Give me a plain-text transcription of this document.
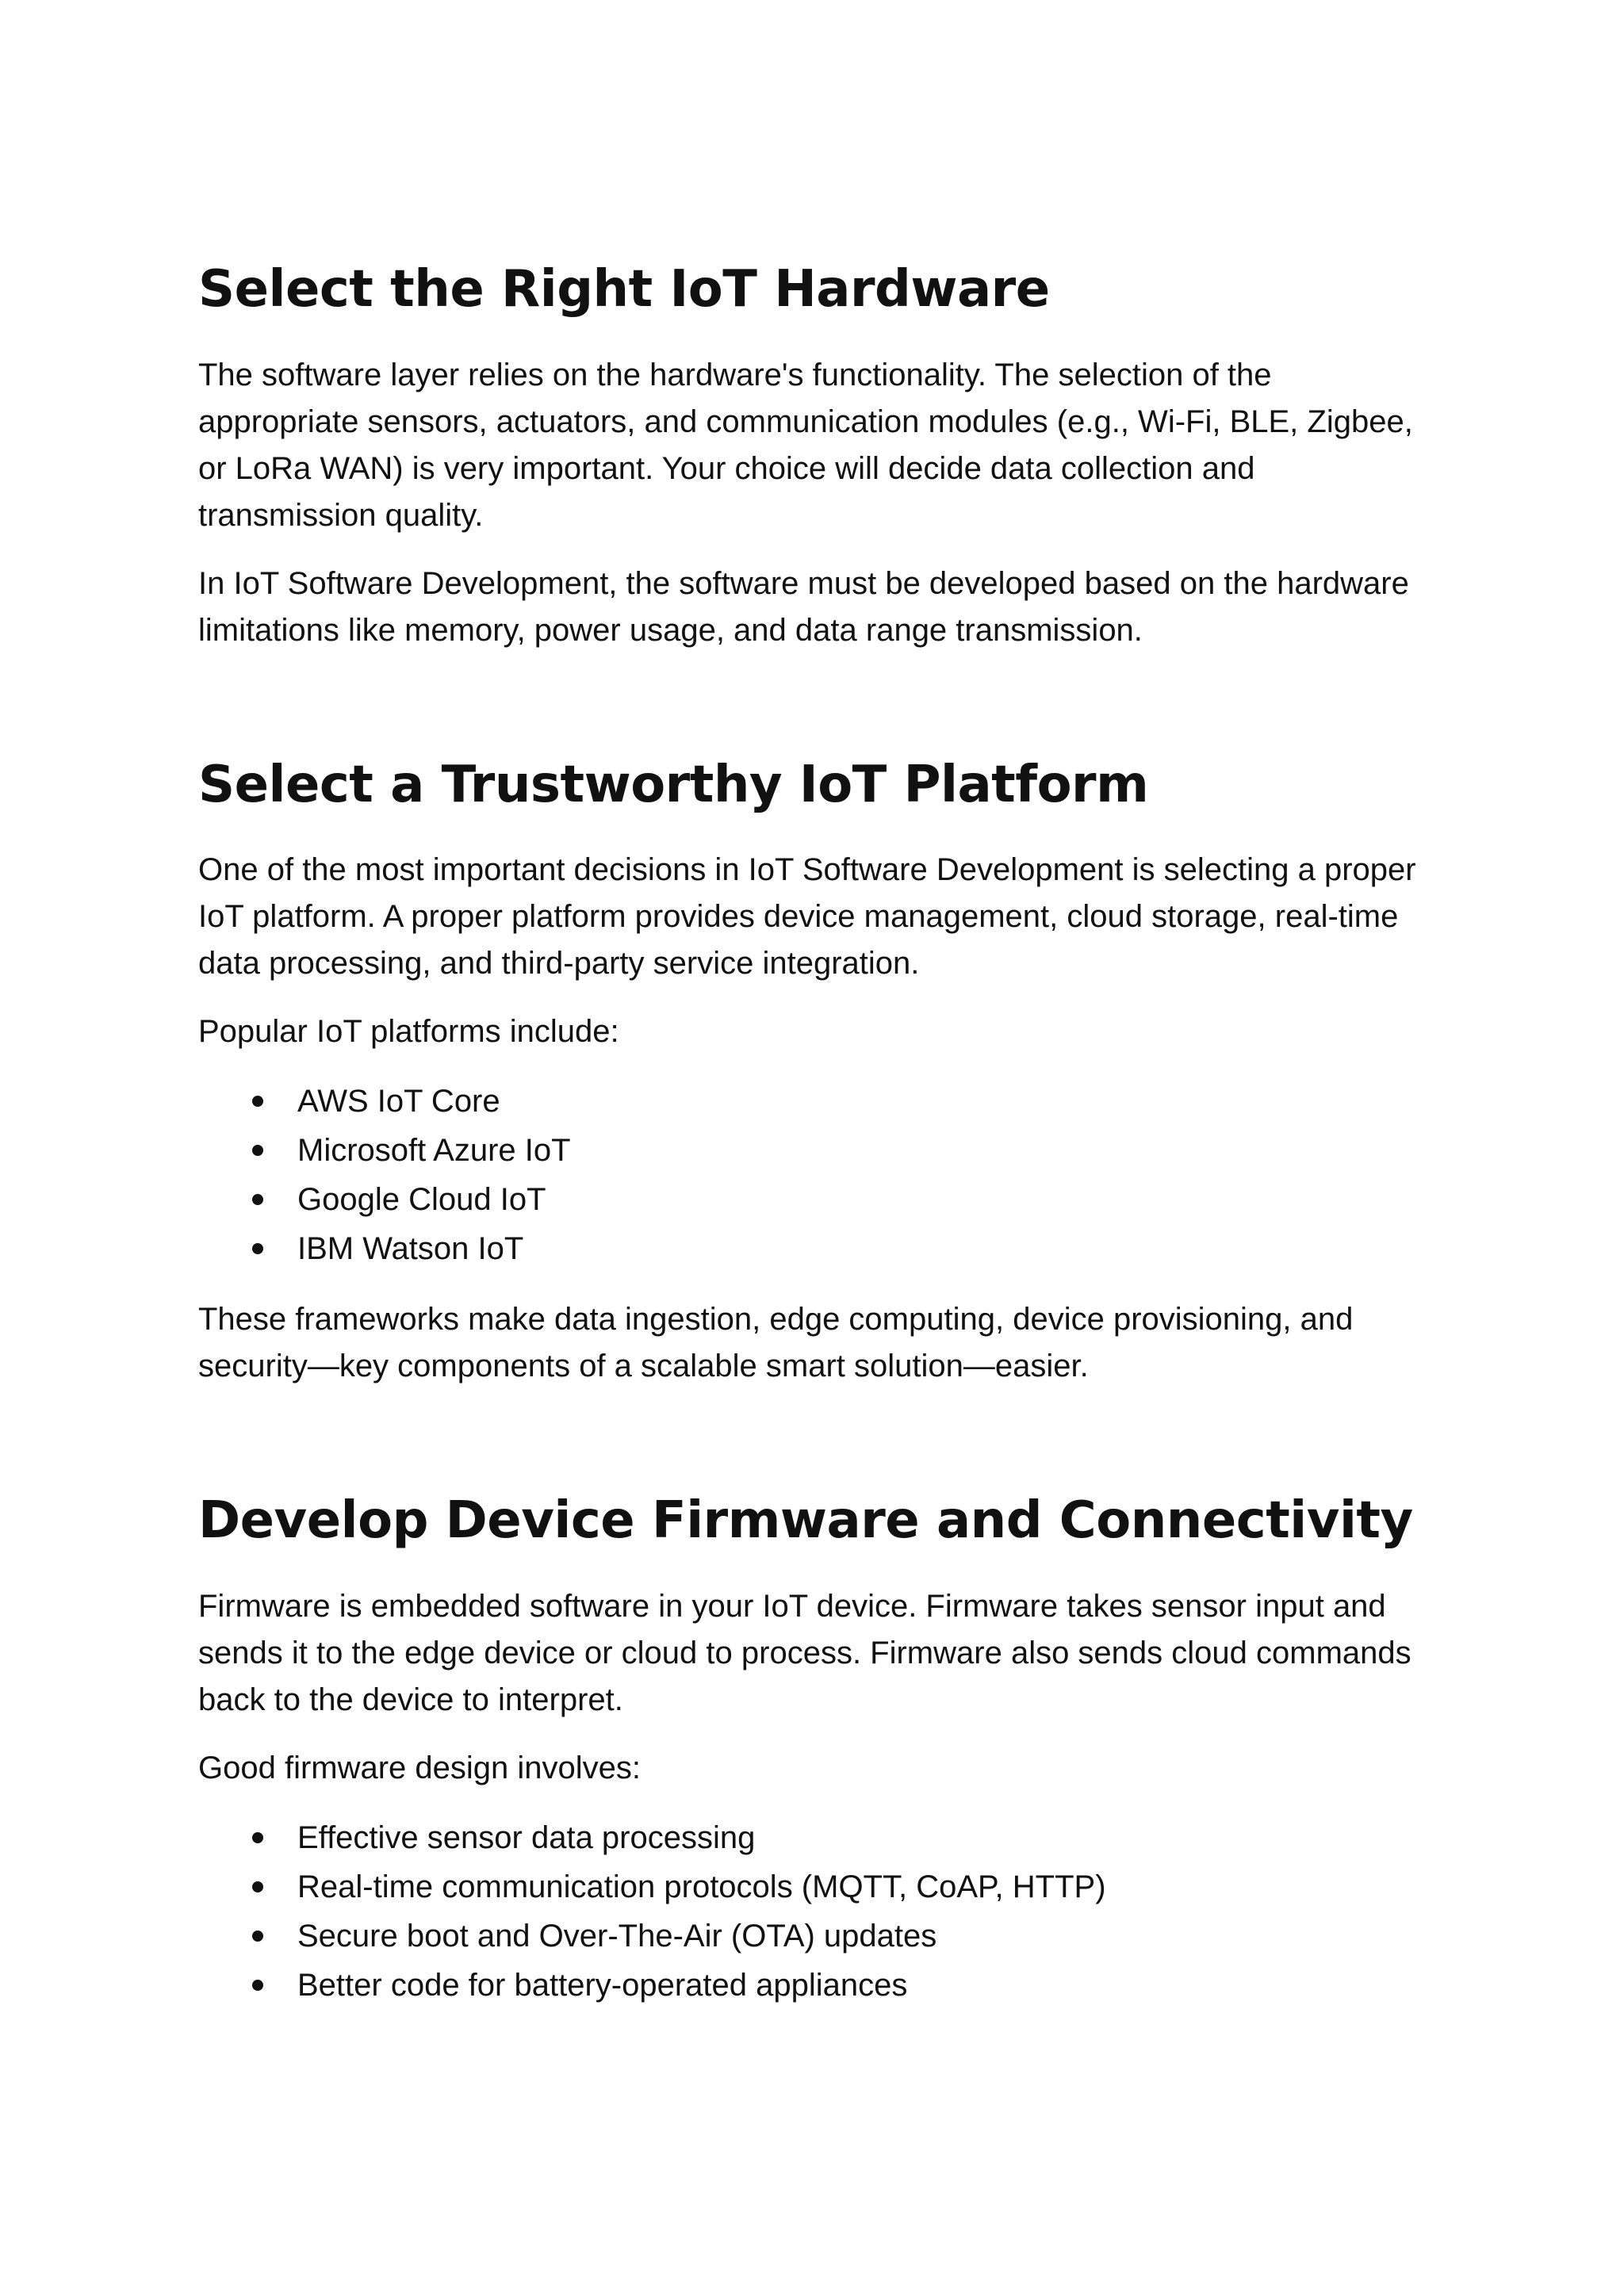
Select the Right IoT Hardware

The software layer relies on the hardware's functionality. The selection of the appropriate sensors, actuators, and communication modules (e.g., Wi-Fi, BLE, Zigbee, or LoRa WAN) is very important. Your choice will decide data collection and transmission quality.

In IoT Software Development, the software must be developed based on the hardware limitations like memory, power usage, and data range transmission.

Select a Trustworthy IoT Platform

One of the most important decisions in IoT Software Development is selecting a proper IoT platform. A proper platform provides device management, cloud storage, real-time data processing, and third-party service integration.

Popular IoT platforms include:

AWS IoT Core
Microsoft Azure IoT
Google Cloud IoT
IBM Watson IoT

These frameworks make data ingestion, edge computing, device provisioning, and security—key components of a scalable smart solution—easier.

Develop Device Firmware and Connectivity

Firmware is embedded software in your IoT device. Firmware takes sensor input and sends it to the edge device or cloud to process. Firmware also sends cloud commands back to the device to interpret.

Good firmware design involves:

Effective sensor data processing
Real-time communication protocols (MQTT, CoAP, HTTP)
Secure boot and Over-The-Air (OTA) updates
Better code for battery-operated appliances
